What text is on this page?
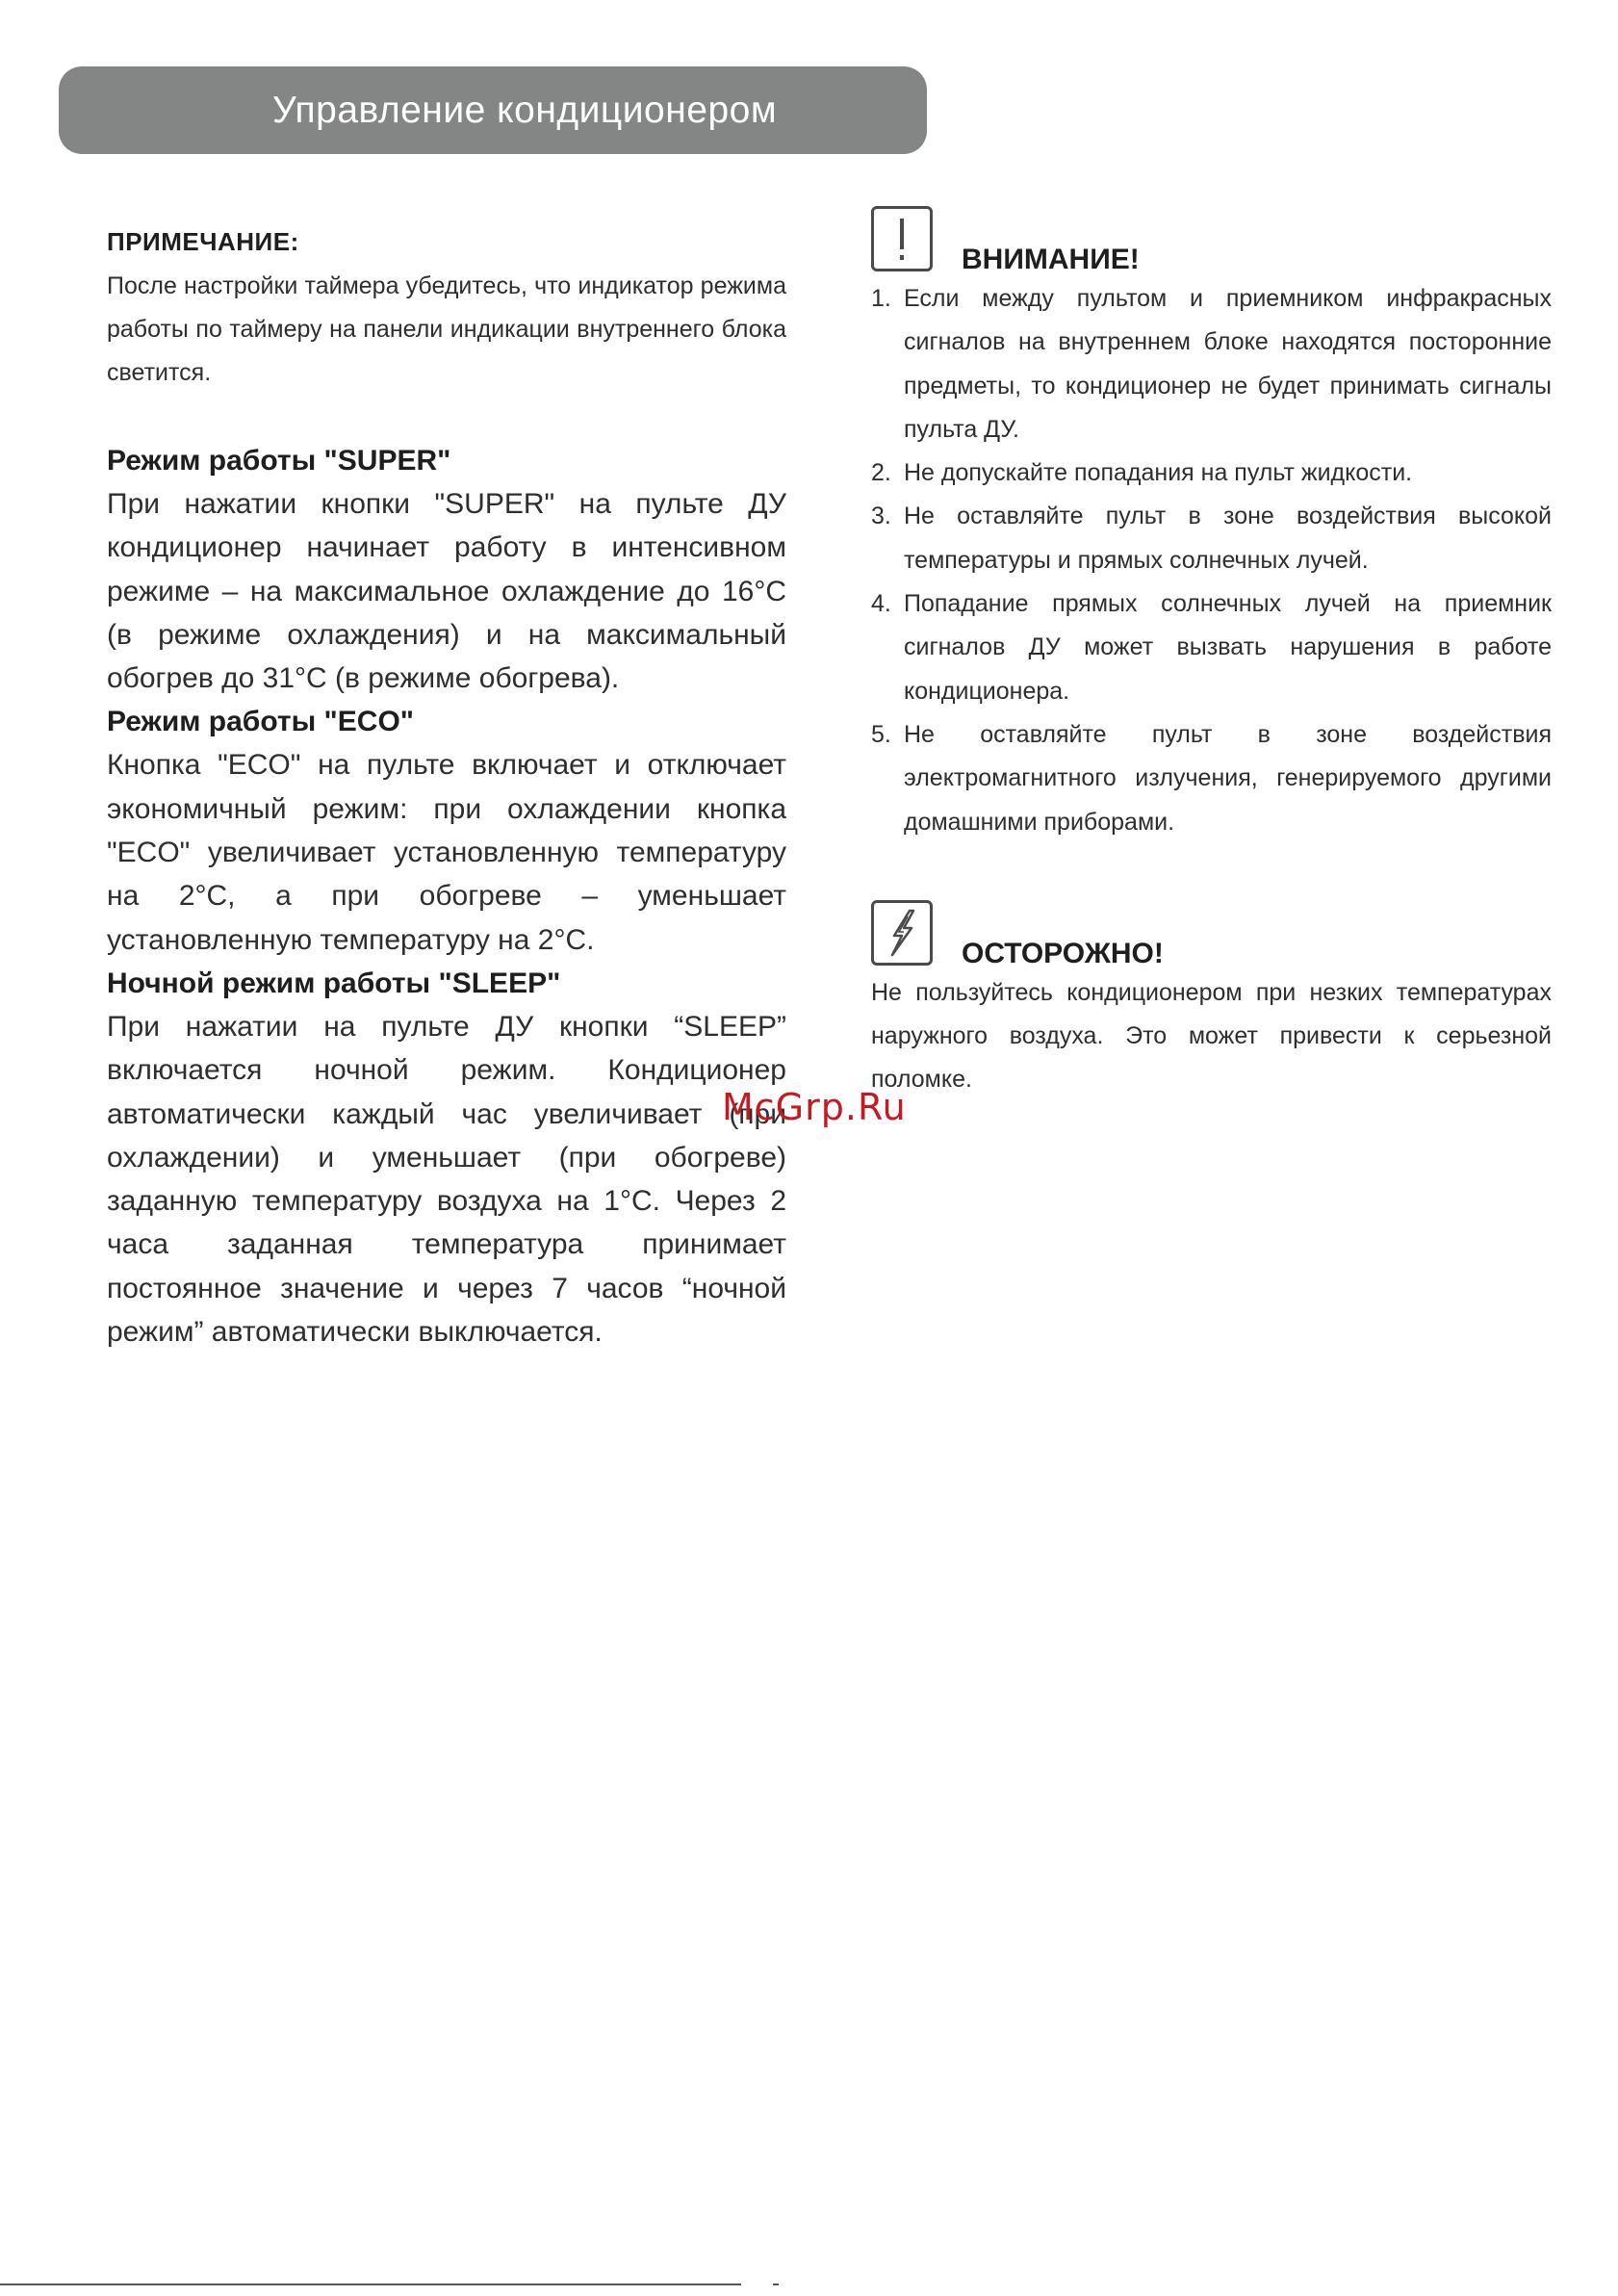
Управление кондиционером
ПРИМЕЧАНИЕ:

После настройки таймера убедитесь, что индикатор режима работы по таймеру на панели индикации внутреннего блока светится.

Режим работы "SUPER"

При нажатии кнопки "SUPER" на пульте ДУ кондиционер начинает работу в интенсивном режиме – на максимальное охлаждение до 16°С (в режиме охлаждения) и на максимальный обогрев до 31°С (в режиме обогрева).

Режим работы "ECO"

Кнопка "ECO" на пульте включает и отключает экономичный режим: при охлаждении кнопка "ECO" увеличивает установленную температуру на 2°С, а при обогреве – уменьшает установленную температуру на 2°С.

Ночной режим работы "SLEEP"

При нажатии на пульте ДУ кнопки “SLEEP” включается ночной режим. Кондиционер автоматически каждый час увеличивает (при охлаждении) и уменьшает (при обогреве) заданную температуру воздуха на 1°С. Через 2 часа заданная температура принимает постоянное значение и через 7 часов “ночной режим” автоматически выключается.

ВНИМАНИЕ!
1. Если между пультом и приемником инфракрасных сигналов на внутреннем блоке находятся посторонние предметы, то кондиционер не будет принимать сигналы пульта ДУ.
2. Не допускайте попадания на пульт жидкости.
3. Не оставляйте пульт в зоне воздействия высокой температуры и прямых солнечных лучей.
4. Попадание прямых солнечных лучей на приемник сигналов ДУ может вызвать нарушения в работе кондиционера.
5. Не оставляйте пульт в зоне воздействия электромагнитного излучения, генерируемого другими домашними приборами.
ОСТОРОЖНО!

Не пользуйтесь кондиционером при незких температурах наружного воздуха. Это может привести к серьезной поломке.

McGrp.Ru
